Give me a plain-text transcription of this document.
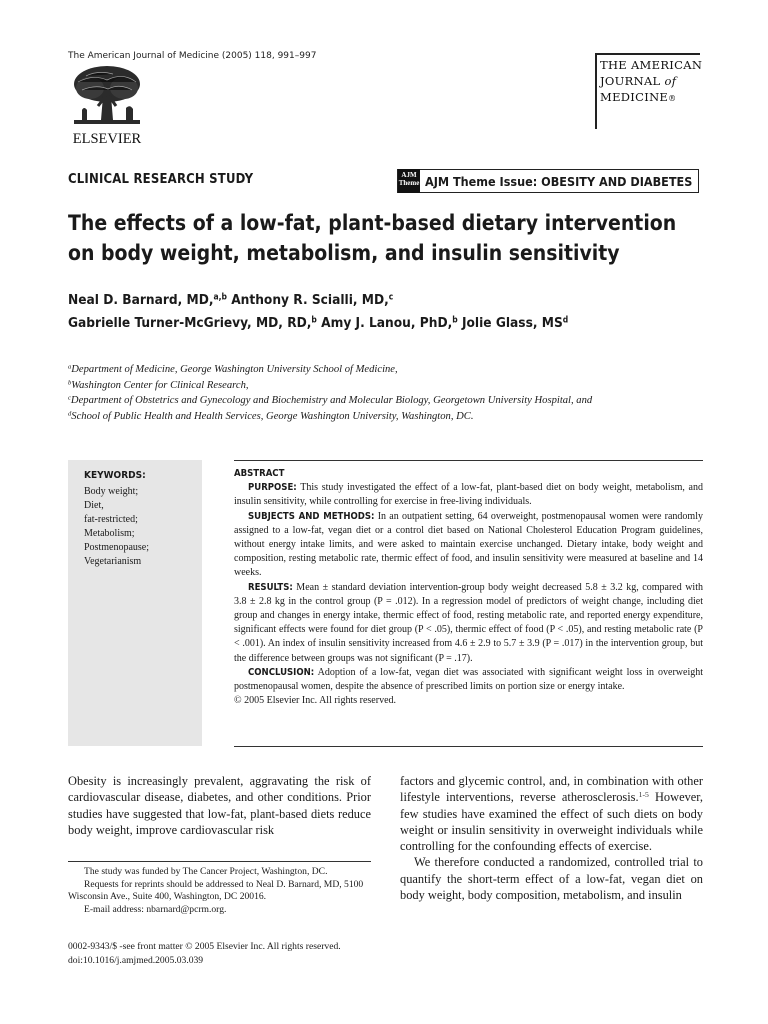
The American Journal of Medicine (2005) 118, 991–997
ELSEVIER
THE AMERICAN
JOURNAL of
MEDICINE®
CLINICAL RESEARCH STUDY	AJM
Theme AJM Theme Issue: OBESITY AND DIABETES
The effects of a low-fat, plant-based dietary intervention on body weight, metabolism, and insulin sensitivity
Neal D. Barnard, MD,$^{a,b}$ Anthony R. Scialli, MD,$^c$
Gabrielle Turner-McGrievy, MD, RD,$^b$ Amy J. Lanou, PhD,$^b$ Jolie Glass, $MS^d$
$^a$Department of Medicine, George Washington University School of Medicine,
$^b$Washington Center for Clinical Research,
$^c$Department of Obstetrics and Gynecology and Biochemistry and Molecular Biology, Georgetown University Hospital, and
$^d$School of Public Health and Health Services, George Washington University, Washington, DC.
KEYWORDS:
Body weight;
Diet,
fat-restricted;
Metabolism;
Postmenopause;
Vegetarianism

ABSTRACT

PURPOSE: This study investigated the effect of a low-fat, plant-based diet on body weight, metabolism, and insulin sensitivity, while controlling for exercise in free-living individuals.

SUBJECTS AND METHODS: In an outpatient setting, 64 overweight, postmenopausal women were randomly assigned to a low-fat, vegan diet or a control diet based on National Cholesterol Education Program guidelines, without energy intake limits, and were asked to maintain exercise unchanged. Dietary intake, body weight and composition, resting metabolic rate, thermic effect of food, and insulin sensitivity were measured at baseline and 14 weeks.

RESULTS: Mean ± standard deviation intervention-group body weight decreased 5.8 ± 3.2 kg, compared with 3.8 ± 2.8 kg in the control group (P = .012). In a regression model of predictors of weight change, including diet group and changes in energy intake, thermic effect of food, resting metabolic rate, and reported energy expenditure, significant effects were found for diet group (P < .05), thermic effect of food (P < .05), and resting metabolic rate (P < .001). An index of insulin sensitivity increased from 4.6 ± 2.9 to 5.7 ± 3.9 (P = .017) in the intervention group, but the difference between groups was not significant (P = .17).

CONCLUSION: Adoption of a low-fat, vegan diet was associated with significant weight loss in overweight postmenopausal women, despite the absence of prescribed limits on portion size or energy intake.

© 2005 Elsevier Inc. All rights reserved.

Obesity is increasingly prevalent, aggravating the risk of cardiovascular disease, diabetes, and other conditions. Prior studies have suggested that low-fat, plant-based diets reduce body weight, improve cardiovascular risk
The study was funded by The Cancer Project, Washington, DC.
Requests for reprints should be addressed to Neal D. Barnard, MD, 5100 Wisconsin Ave., Suite 400, Washington, DC 20016.
E-mail address: nbarnard@pcrm.org.
0002-9343/$ -see front matter © 2005 Elsevier Inc. All rights reserved.
doi:10.1016/j.amjmed.2005.03.039

factors and glycemic control, and, in combination with other lifestyle interventions, reverse atherosclerosis.$^{1-5}$ However, few studies have examined the effect of such diets on body weight or insulin sensitivity in overweight individuals while controlling for the confounding effects of exercise.

We therefore conducted a randomized, controlled trial to quantify the short-term effect of a low-fat, vegan diet on body weight, body composition, metabolism, and insulin
